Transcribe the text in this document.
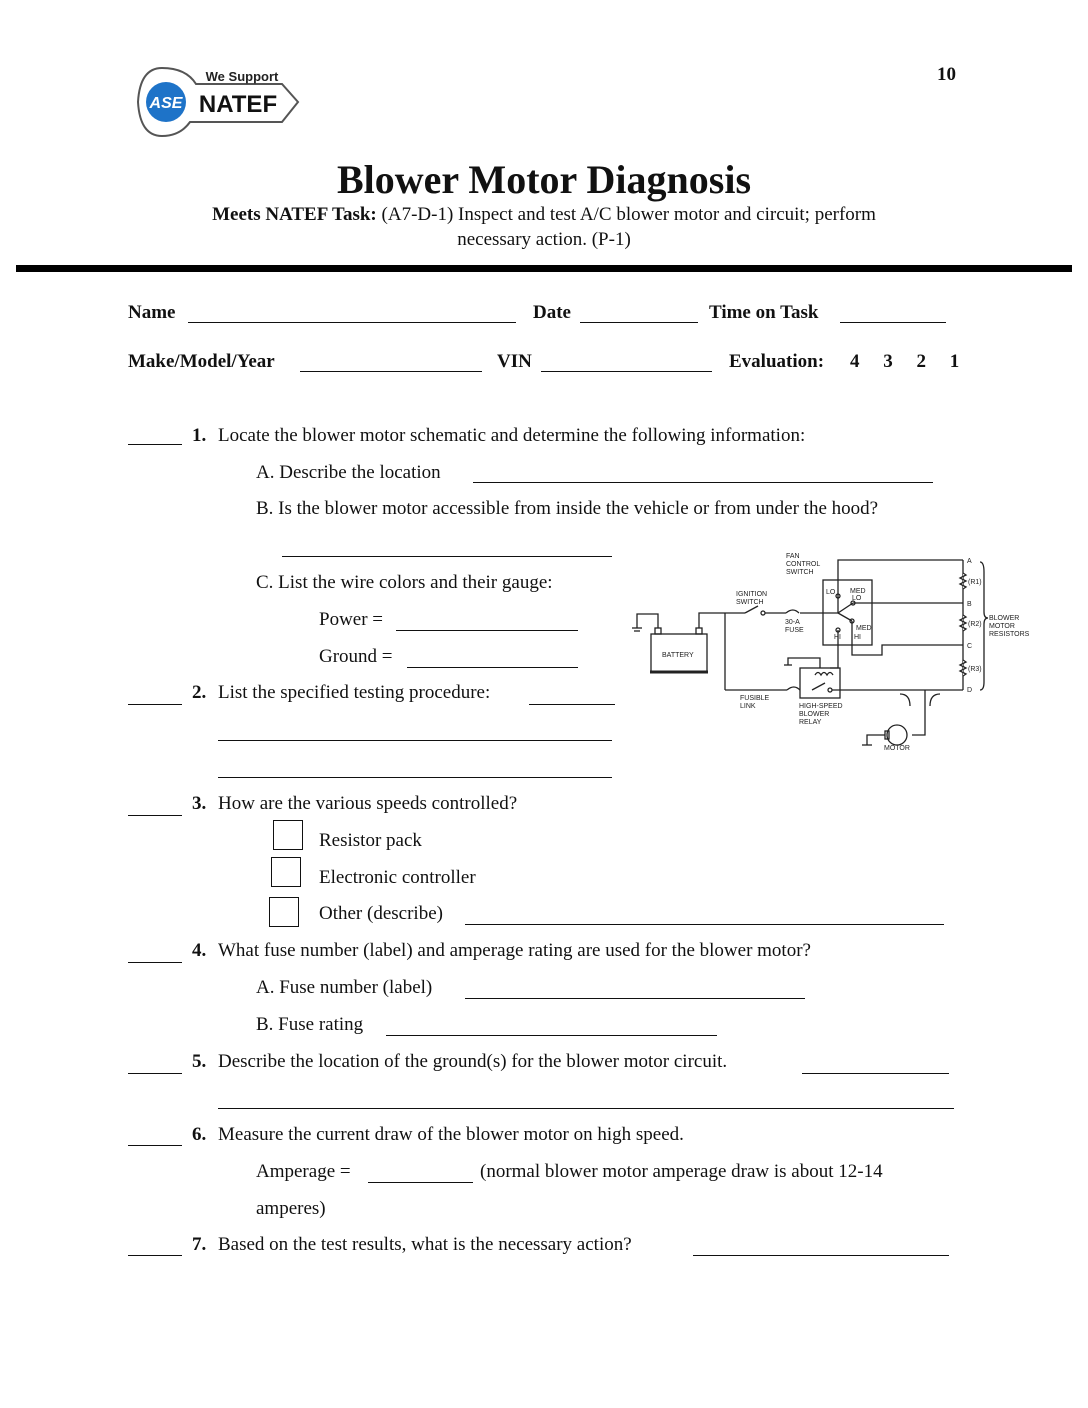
10
ASE
We Support
NATEF
Blower Motor Diagnosis
Meets NATEF Task: (A7-D-1) Inspect and test A/C blower motor and circuit; perform
necessary action. (P-1)
Name	Date	Time on Task
Make/Model/Year	VIN	Evaluation: 4 3 2 1
1. Locate the blower motor schematic and determine the following information:
A. Describe the location
B. Is the blower motor accessible from inside the vehicle or from under the hood?
C. List the wire colors and their gauge:
Power =
Ground =
2. List the specified testing procedure:
FAN
CONTROL
SWITCH
IGNITION
SWITCH
30-A
FUSE
BATTERY
FUSIBLE
LINK	HIGH-SPEED
BLOWER
RELAY
MOTOR
LO MED
LO
MED
HI
HI
A
B
C
D
(R1)
(R2)
(R3)
BLOWER
MOTOR
RESISTORS
3. How are the various speeds controlled?
Resistor pack
Electronic controller
Other (describe)
4. What fuse number (label) and amperage rating are used for the blower motor?
A. Fuse number (label)
B. Fuse rating
5. Describe the location of the ground(s) for the blower motor circuit.
6. Measure the current draw of the blower motor on high speed.
Amperage =	(normal blower motor amperage draw is about 12-14
amperes)
7. Based on the test results, what is the necessary action?
